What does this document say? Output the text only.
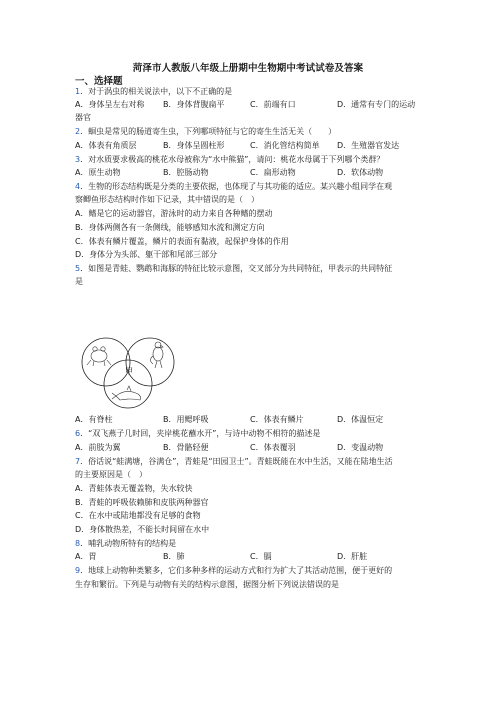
菏泽市人教版八年级上册期中生物期中考试试卷及答案
一、选择题
1．对于涡虫的相关说法中，以下不正确的是
A．身体呈左右对称 B．身体背腹扁平	C．前端有口	D．通常有专门的运动
器官
2．蛔虫是常见的肠道寄生虫，下列哪项特征与它的寄生生活无关（　　）
A．体表有角质层	B．身体呈圆柱形	C．消化管结构简单 D．生殖器官发达
3．对水质要求极高的桃花水母被称为“水中熊猫”，请问：桃花水母属于下列哪个类群？
A．原生动物	B．腔肠动物	C．扁形动物	D．软体动物
4．生物的形态结构既是分类的主要依据，也体现了与其功能的适应。某兴趣小组同学在观
察鲫鱼形态结构时作如下记录，其中错误的是（　）
A．鳍是它的运动器官，游泳时的动力来自各种鳍的摆动
B．身体两侧各有一条侧线，能够感知水流和测定方向
C．体表有鳞片覆盖，鳞片的表面有黏液，起保护身体的作用
D．身体分为头部、躯干部和尾部三部分
5．如图是青蛙、鹦鹉和海豚的特征比较示意图，交叉部分为共同特征，甲表示的共同特征
是
甲
A．有脊柱	B．用鳃呼吸	C．体表有鳞片	D．体温恒定
6．“双飞燕子几时回，夹岸桃花蘸水开”，与诗中动物不相符的描述是
A．前肢为翼	B．骨骼轻便	C．体表覆羽	D．变温动物
7．俗话说“蛙满塘，谷满仓”，青蛙是“田园卫士”。青蛙既能在水中生活，又能在陆地生活
的主要原因是（　）
A．青蛙体表无覆盖物，失水较快
B．青蛙的呼吸依赖肺和皮肤两种器官
C．在水中或陆地都没有足够的食物
D．身体散热差，不能长时间留在水中
8．哺乳动物所特有的结构是
A．胃	B．肺	C．膈	D．肝脏
9．地球上动物种类繁多，它们多种多样的运动方式和行为扩大了其活动范围，便于更好的
生存和繁衍。下列是与动物有关的结构示意图，据图分析下列说法错误的是
